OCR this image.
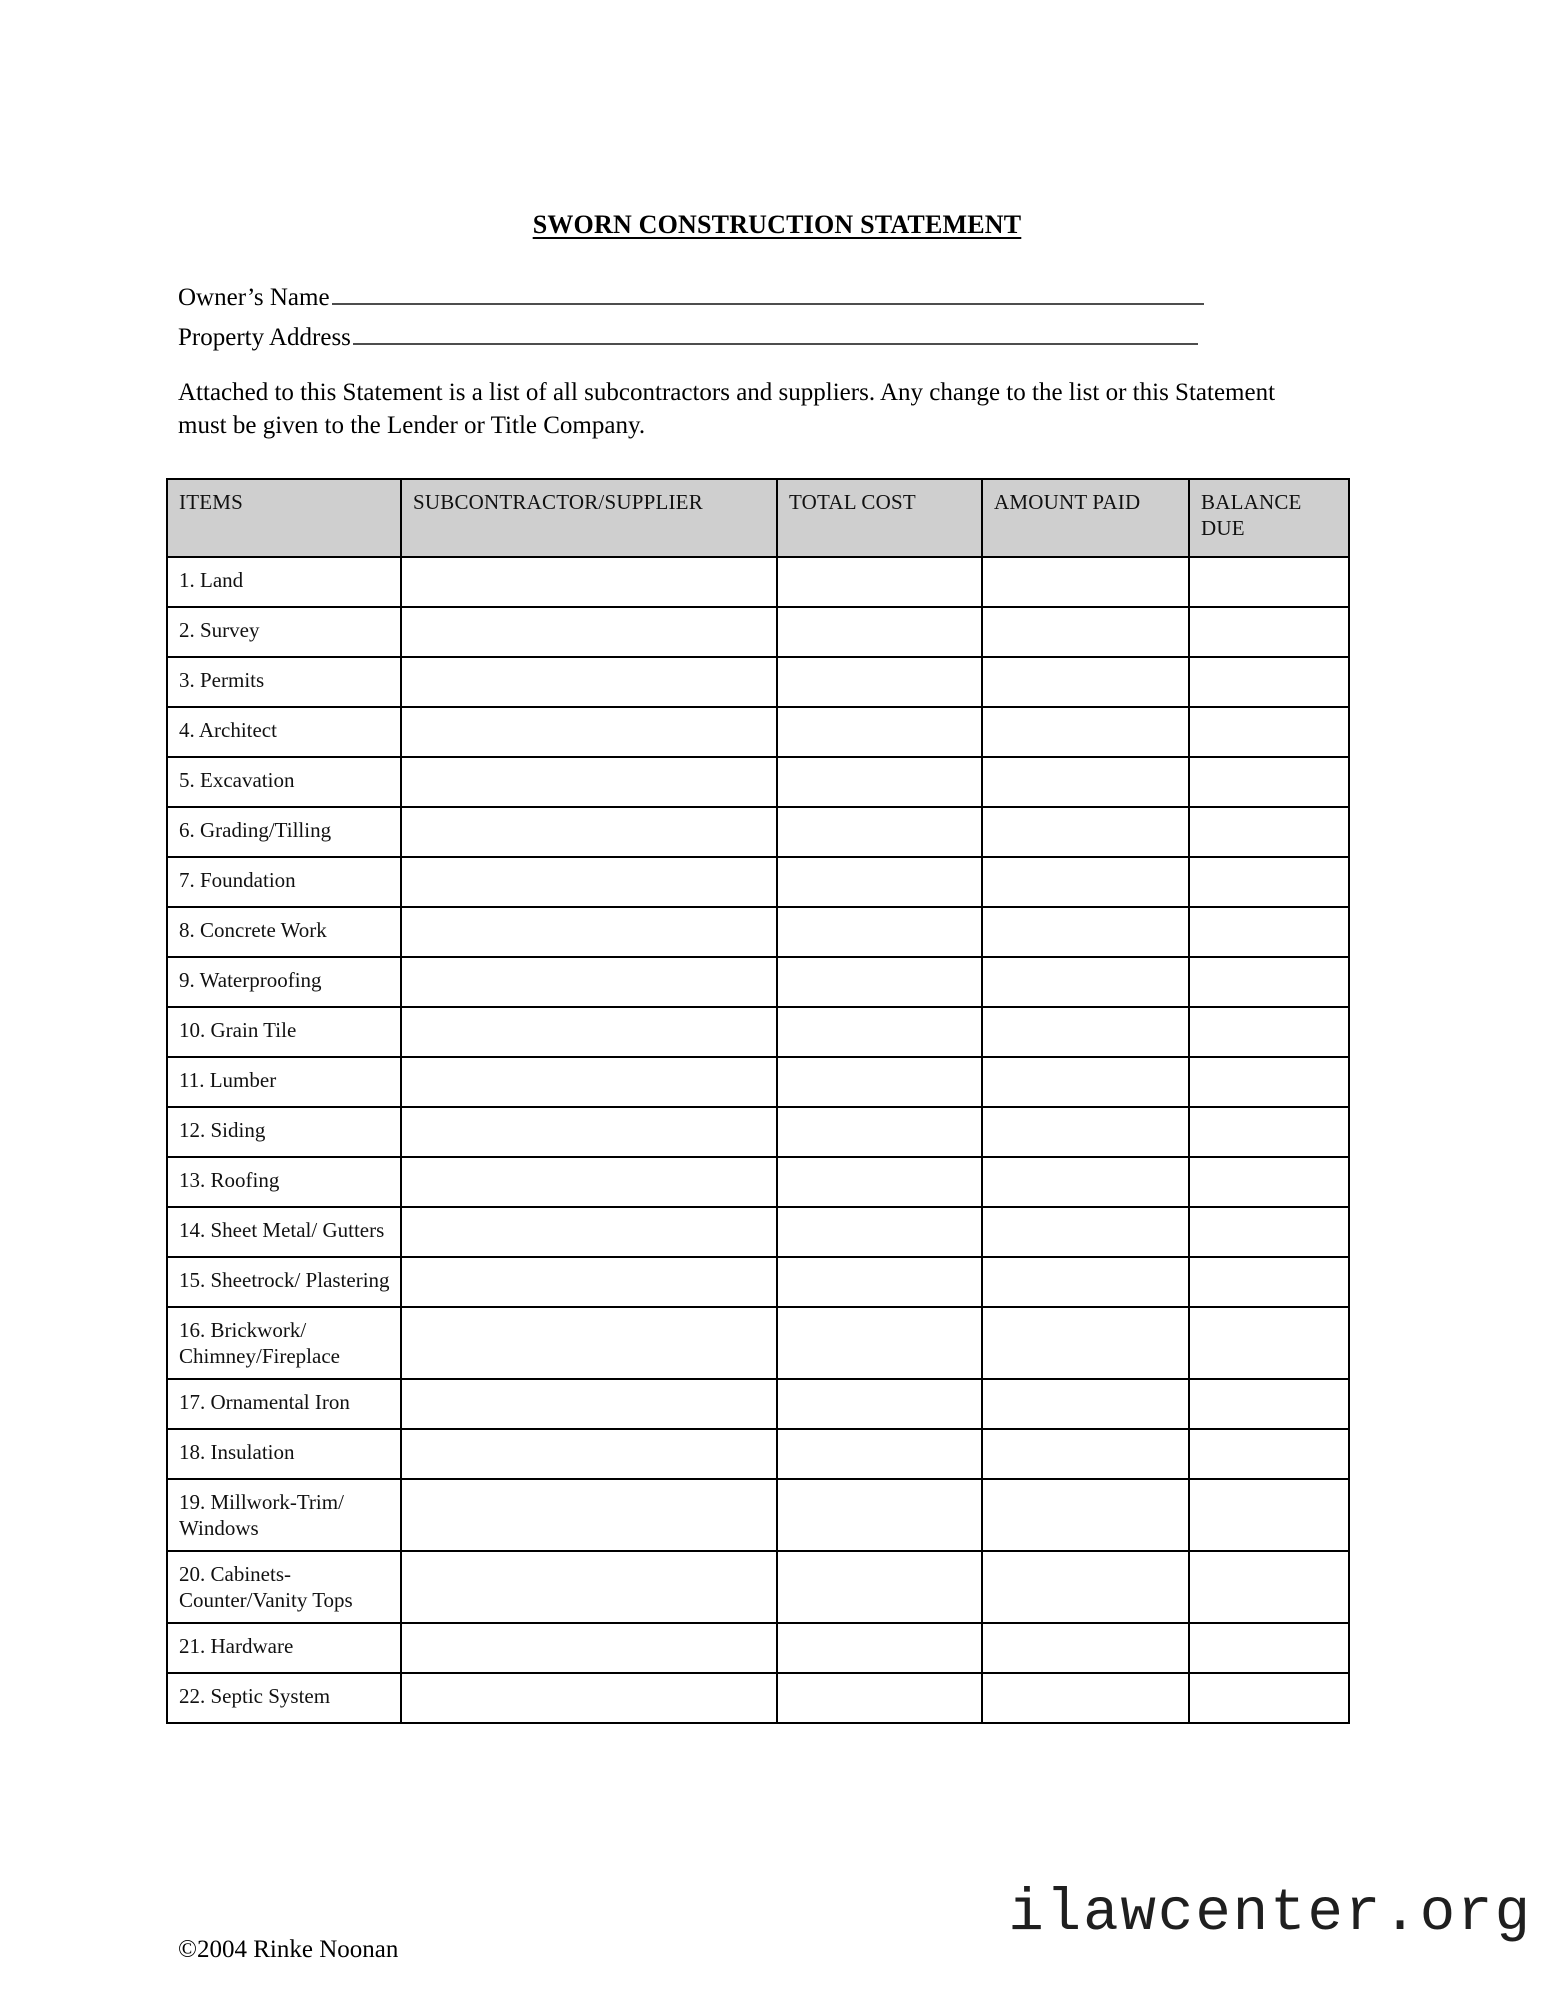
SWORN CONSTRUCTION STATEMENT
Owner’s Name
Property Address
Attached to this Statement is a list of all subcontractors and suppliers. Any change to the list or this Statement must be given to the Lender or Title Company.
ITEMS	SUBCONTRACTOR/SUPPLIER	TOTAL COST	AMOUNT PAID	BALANCE DUE
1. Land				
2. Survey				
3. Permits				
4. Architect				
5. Excavation				
6. Grading/Tilling				
7. Foundation				
8. Concrete Work				
9. Waterproofing				
10. Grain Tile				
11. Lumber				
12. Siding				
13. Roofing				
14. Sheet Metal/ Gutters				
15. Sheetrock/ Plastering				
16. Brickwork/ Chimney/Fireplace				
17. Ornamental Iron				
18. Insulation				
19. Millwork-Trim/ Windows				
20. Cabinets-Counter/Vanity Tops				
21. Hardware				
22. Septic System				
©2004 Rinke Noonan
ilawcenter.org
